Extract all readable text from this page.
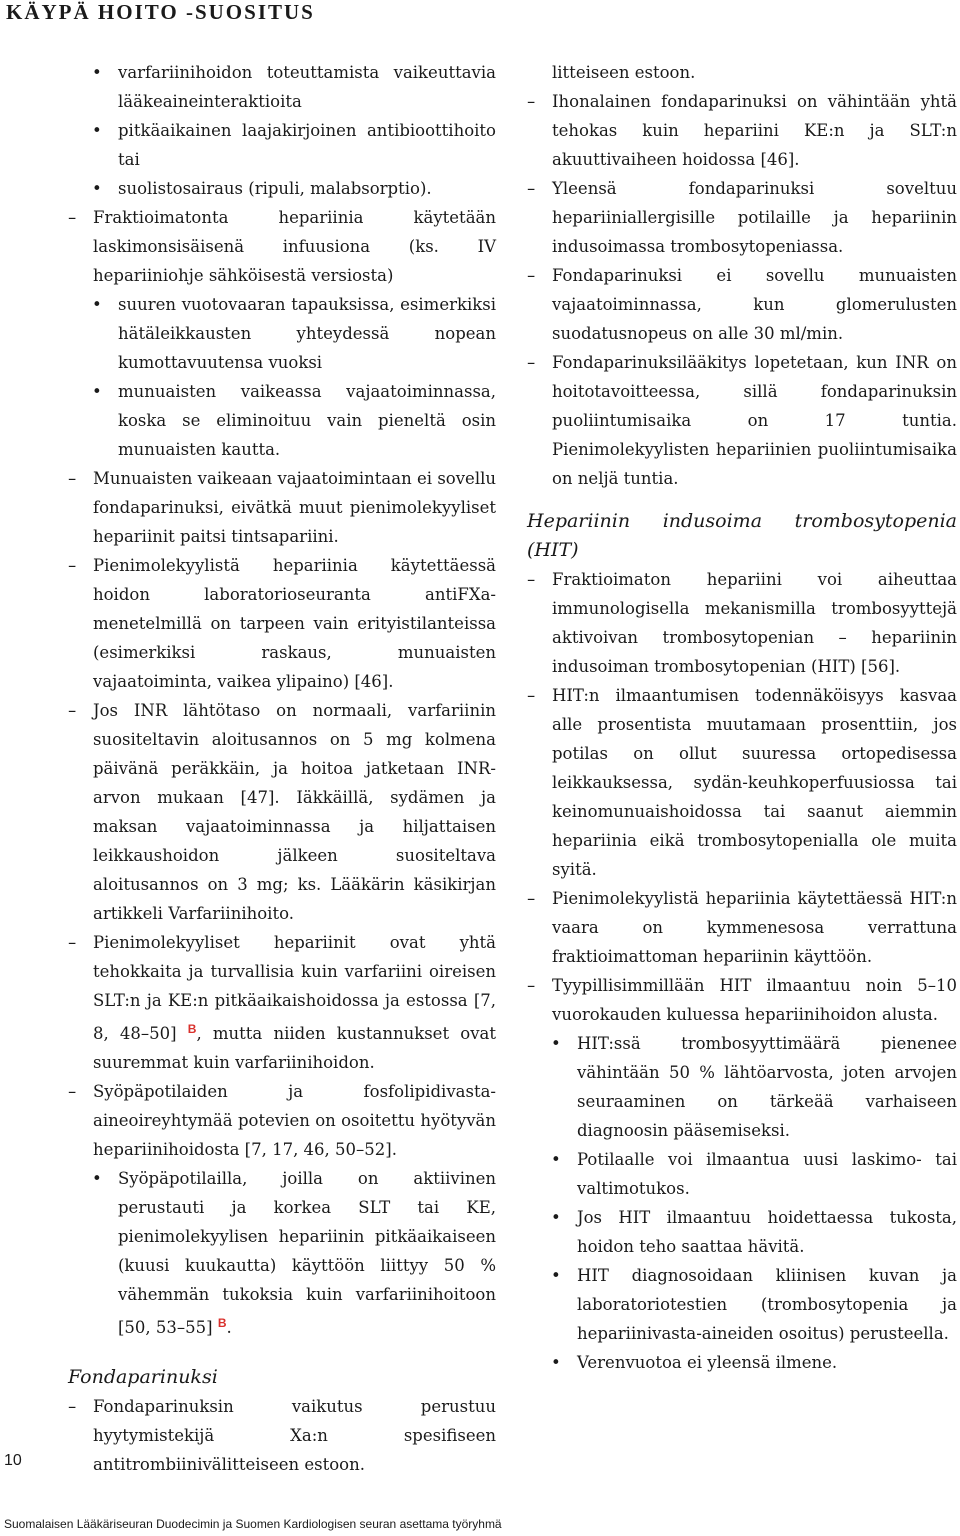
KÄYPÄ HOITO -SUOSITUS

• varfariinihoidon toteuttamista vaikeuttavia lääkeaineinteraktioita

• pitkäaikainen laajakirjoinen antibioottihoito tai

• suolistosairaus (ripuli, malabsorptio).

– Fraktioimatonta hepariinia käytetään laskimonsisäisenä infuusiona (ks. IV hepariiniohje sähköisestä versiosta)

• suuren vuotovaaran tapauksissa, esimerkiksi hätäleikkausten yhteydessä nopean kumottavuutensa vuoksi

• munuaisten vaikeassa vajaatoiminnassa, koska se eliminoituu vain pieneltä osin munuaisten kautta.

– Munuaisten vaikeaan vajaatoimintaan ei sovellu fondaparinuksi, eivätkä muut pienimolekyyliset hepariinit paitsi tintsapariini.

– Pienimolekyylistä hepariinia käytettäessä hoidon laboratorioseuranta antiFXa-menetelmillä on tarpeen vain erityistilanteissa (esimerkiksi raskaus, munuaisten vajaatoiminta, vaikea ylipaino) [46].

– Jos INR lähtötaso on normaali, varfariinin suositeltavin aloitusannos on 5 mg kolmena päivänä peräkkäin, ja hoitoa jatketaan INR-arvon mukaan [47]. Iäkkäillä, sydämen ja maksan vajaatoiminnassa ja hiljattaisen leikkaushoidon jälkeen suositeltava aloitusannos on 3 mg; ks. Lääkärin käsikirjan artikkeli Varfariinihoito.

– Pienimolekyyliset hepariinit ovat yhtä tehokkaita ja turvallisia kuin varfariini oireisen SLT:n ja KE:n pitkäaikaishoidossa ja estossa [7, 8, 48–50] $^B$, mutta niiden kustannukset ovat suuremmat kuin varfariinihoidon.

– Syöpäpotilaiden ja fosfolipidivasta-aineoireyhtymää potevien on osoitettu hyötyvän hepariinihoidosta [7, 17, 46, 50–52].

• Syöpäpotilailla, joilla on aktiivinen perustauti ja korkea SLT tai KE, pienimolekyylisen hepariinin pitkäaikaiseen (kuusi kuukautta) käyttöön liittyy 50 % vähemmän tukoksia kuin varfariinihoitoon [50, 53–55] $^B$.

Fondaparinuksi

– Fondaparinuksin vaikutus perustuu hyytymistekijä Xa:n spesifiseen antitrombiinivälitteiseen estoon.

litteiseen estoon.

– Ihonalainen fondaparinuksi on vähintään yhtä tehokas kuin hepariini KE:n ja SLT:n akuuttivaiheen hoidossa [46].

– Yleensä fondaparinuksi soveltuu hepariiniallergisille potilaille ja hepariinin indusoimassa trombosytopeniassa.

– Fondaparinuksi ei sovellu munuaisten vajaatoiminnassa, kun glomerulusten suodatusnopeus on alle 30 ml/min.

– Fondaparinuksilääkitys lopetetaan, kun INR on hoitotavoitteessa, sillä fondaparinuksin puoliintumisaika on 17 tuntia. Pienimolekyylisten hepariinien puoliintumisaika on neljä tuntia.

Hepariinin indusoima trombosytopenia (HIT)

– Fraktioimaton hepariini voi aiheuttaa immunologisella mekanismilla trombosyyttejä aktivoivan trombosytopenian – hepariinin indusoiman trombosytopenian (HIT) [56].

– HIT:n ilmaantumisen todennäköisyys kasvaa alle prosentista muutamaan prosenttiin, jos potilas on ollut suuressa ortopedisessa leikkauksessa, sydän-keuhkoperfuusiossa tai keinomunuaishoidossa tai saanut aiemmin hepariinia eikä trombosytopenialla ole muita syitä.

– Pienimolekyylistä hepariinia käytettäessä HIT:n vaara on kymmenesosa verrattuna fraktioimattoman hepariinin käyttöön.

– Tyypillisimmillään HIT ilmaantuu noin 5–10 vuorokauden kuluessa hepariinihoidon alusta.

• HIT:ssä trombosyyttimäärä pienenee vähintään 50 % lähtöarvosta, joten arvojen seuraaminen on tärkeää varhaiseen diagnoosin pääsemiseksi.

• Potilaalle voi ilmaantua uusi laskimo- tai valtimotukos.

• Jos HIT ilmaantuu hoidettaessa tukosta, hoidon teho saattaa hävitä.

• HIT diagnosoidaan kliinisen kuvan ja laboratoriotestien (trombosytopenia ja hepariinivasta-aineiden osoitus) perusteella.

• Verenvuotoa ei yleensä ilmene.

10
Suomalaisen Lääkäriseuran Duodecimin ja Suomen Kardiologisen seuran asettama työryhmä
